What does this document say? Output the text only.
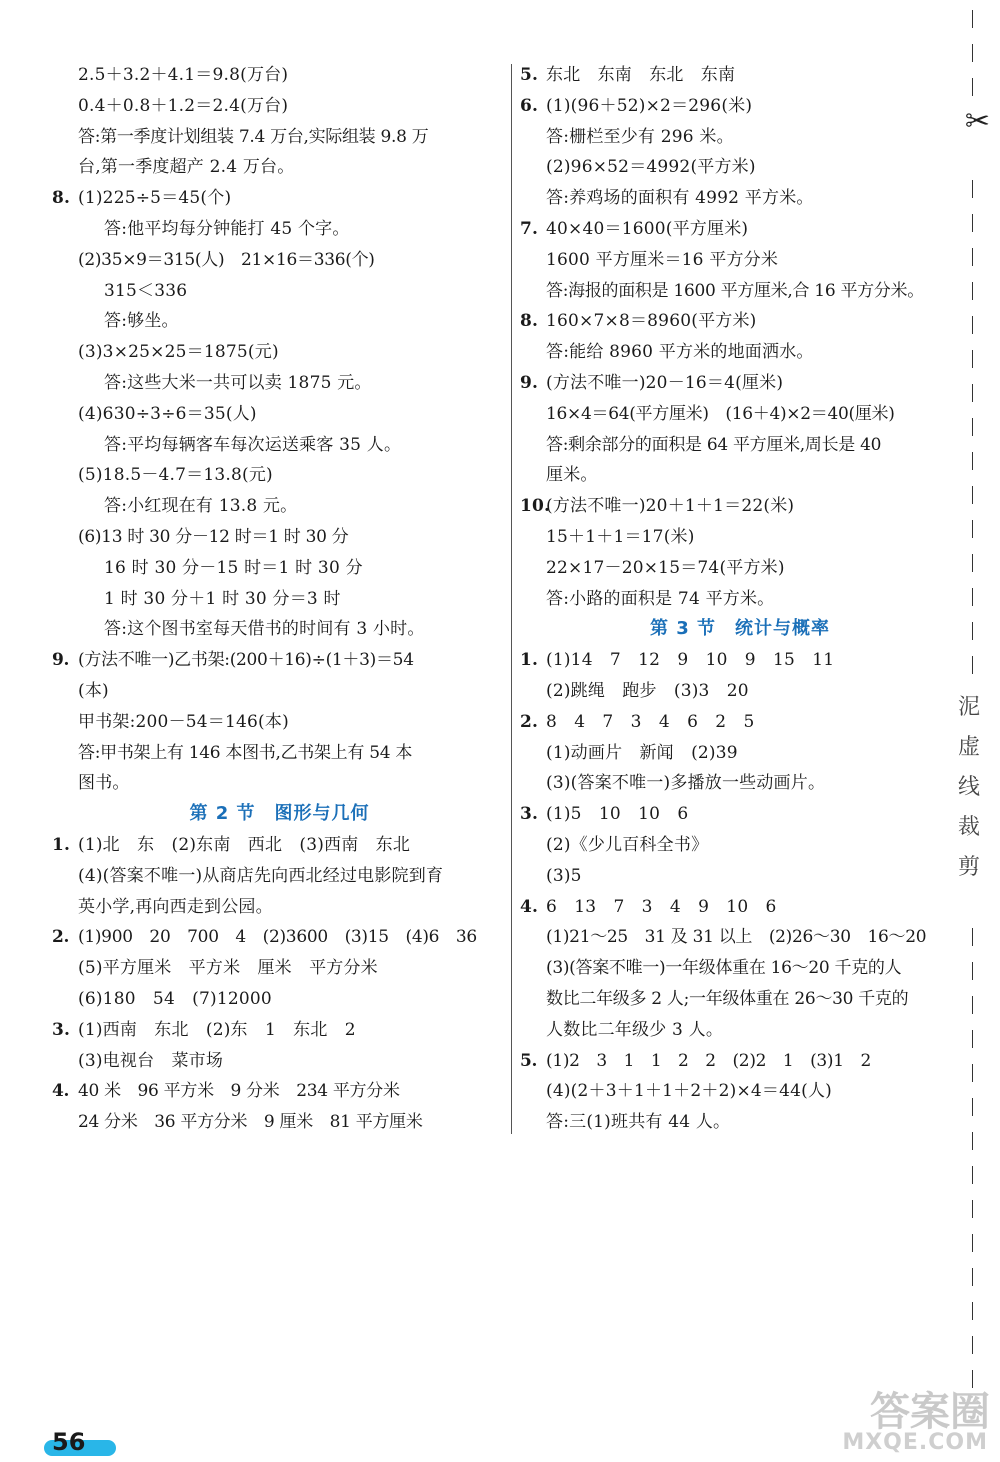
2.5＋3.2＋4.1＝9.8(万台)
0.4＋0.8＋1.2＝2.4(万台)
答:第一季度计划组装 7.4 万台,实际组装 9.8 万
台,第一季度超产 2.4 万台。
8. (1)225÷5＝45(个)
答:他平均每分钟能打 45 个字。
(2)35×9＝315(人)　21×16＝336(个)
315＜336
答:够坐。
(3)3×25×25＝1875(元)
答:这些大米一共可以卖 1875 元。
(4)630÷3÷6＝35(人)
答:平均每辆客车每次运送乘客 35 人。
(5)18.5－4.7＝13.8(元)
答:小红现在有 13.8 元。
(6)13 时 30 分－12 时＝1 时 30 分
16 时 30 分－15 时＝1 时 30 分
1 时 30 分＋1 时 30 分＝3 时
答:这个图书室每天借书的时间有 3 小时。
9. (方法不唯一)乙书架:(200＋16)÷(1＋3)＝54
(本)
甲书架:200－54＝146(本)
答:甲书架上有 146 本图书,乙书架上有 54 本
图书。
第 2 节　图形与几何
1. (1)北　东　(2)东南　西北　(3)西南　东北
(4)(答案不唯一)从商店先向西北经过电影院到育
英小学,再向西走到公园。
2. (1)900　20　700　4　(2)3600　(3)15　(4)6　36
(5)平方厘米　平方米　厘米　平方分米
(6)180　54　(7)12000
3. (1)西南　东北　(2)东　1　东北　2
(3)电视台　菜市场
4. 40 米　96 平方米　9 分米　234 平方分米
24 分米　36 平方分米　9 厘米　81 平方厘米
5. 东北　东南　东北　东南
6. (1)(96＋52)×2＝296(米)
答:栅栏至少有 296 米。
(2)96×52＝4992(平方米)
答:养鸡场的面积有 4992 平方米。
7. 40×40＝1600(平方厘米)
1600 平方厘米＝16 平方分米
答:海报的面积是 1600 平方厘米,合 16 平方分米。
8. 160×7×8＝8960(平方米)
答:能给 8960 平方米的地面洒水。
9. (方法不唯一)20－16＝4(厘米)
16×4＝64(平方厘米)　(16＋4)×2＝40(厘米)
答:剩余部分的面积是 64 平方厘米,周长是 40
厘米。
10.(方法不唯一)20＋1＋1＝22(米)
15＋1＋1＝17(米)
22×17－20×15＝74(平方米)
答:小路的面积是 74 平方米。
第 3 节　统计与概率
1. (1)14　7　12　9　10　9　15　11
(2)跳绳　跑步　(3)3　20
2. 8　4　7　3　4　6　2　5
(1)动画片　新闻　(2)39
(3)(答案不唯一)多播放一些动画片。
3. (1)5　10　10　6
(2)《少儿百科全书》
(3)5
4. 6　13　7　3　4　9　10　6
(1)21～25　31 及 31 以上　(2)26～30　16～20
(3)(答案不唯一)一年级体重在 16～20 千克的人
数比二年级多 2 人;一年级体重在 26～30 千克的
人数比二年级少 3 人。
5. (1)2　3　1　1　2　2　(2)2　1　(3)1　2
(4)(2＋3＋1＋1＋2＋2)×4＝44(人)
答:三(1)班共有 44 人。
56
✂
泥
虚
线
裁
剪
答案圈
MXQE.COM
